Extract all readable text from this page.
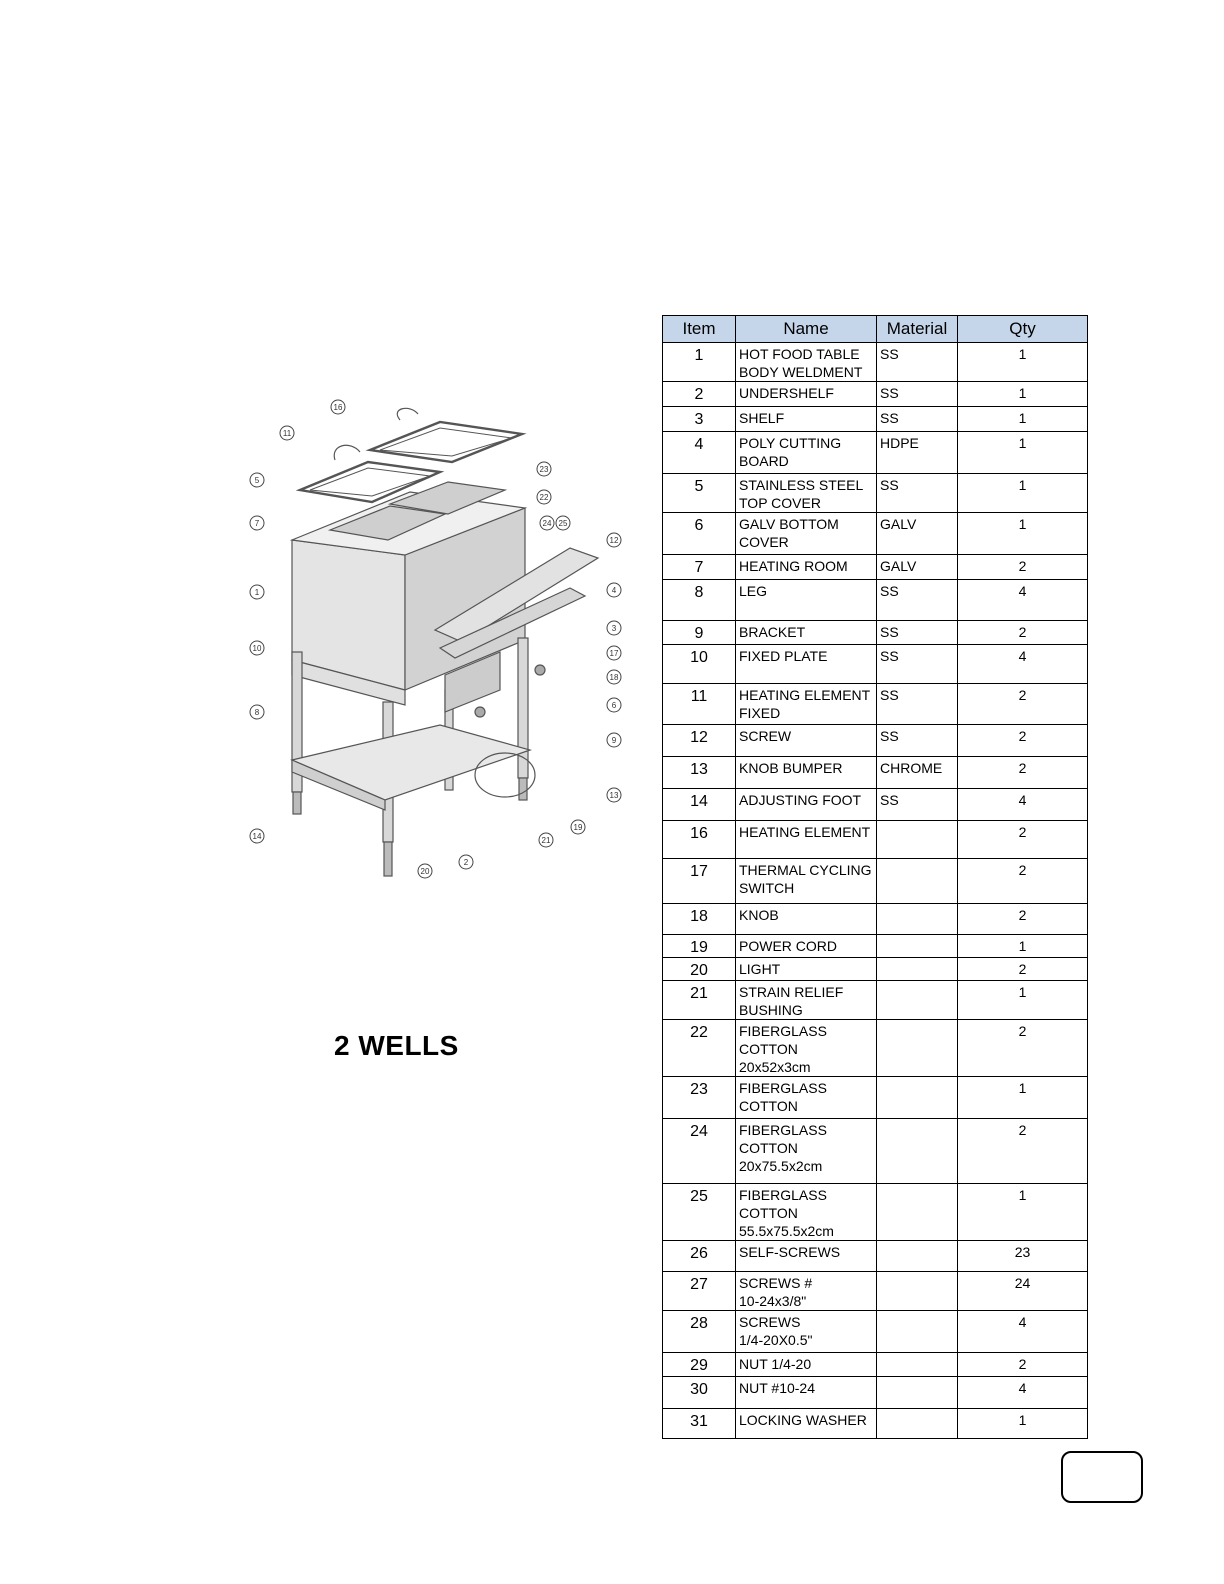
16
11
5
7
1
10
8
14
23
22
24 25
12
4
3
17
18
6
9
13
19
21
2
20
2 WELLS
Item	Name	Material	Qty
1	HOT FOOD TABLE
BODY WELDMENT	SS	1
2	UNDERSHELF	SS	1
3	SHELF	SS	1
4	POLY CUTTING
BOARD	HDPE	1
5	STAINLESS STEEL
TOP COVER	SS	1
6	GALV BOTTOM
COVER	GALV	1
7	HEATING ROOM	GALV	2
8	LEG	SS	4
9	BRACKET	SS	2
10	FIXED PLATE	SS	4
11	HEATING ELEMENT
FIXED	SS	2
12	SCREW	SS	2
13	KNOB BUMPER	CHROME	2
14	ADJUSTING FOOT	SS	4
16	HEATING ELEMENT		2
17	THERMAL CYCLING
SWITCH		2
18	KNOB		2
19	POWER CORD		1
20	LIGHT		2
21	STRAIN RELIEF
BUSHING		1
22	FIBERGLASS
COTTON
20x52x3cm		2
23	FIBERGLASS
COTTON		1
24	FIBERGLASS
COTTON
20x75.5x2cm		2
25	FIBERGLASS
COTTON
55.5x75.5x2cm		1
26	SELF-SCREWS		23
27	SCREWS #
10-24x3/8"		24
28	SCREWS
1/4-20X0.5"		4
29	NUT 1/4-20		2
30	NUT #10-24		4
31	LOCKING WASHER		1
